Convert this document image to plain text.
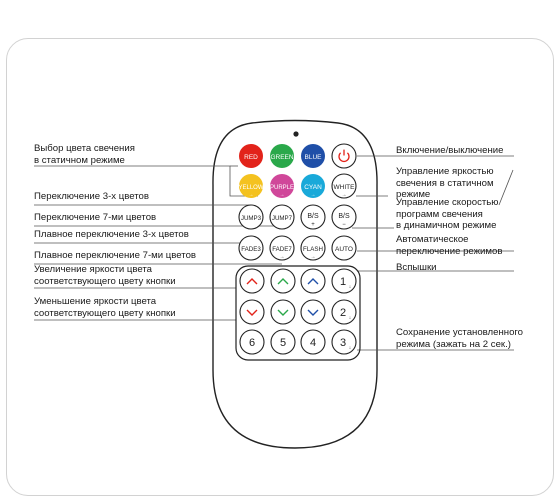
RED GREEN BLUE
YELLOW
→
PURPLE
→
CYAN
→
WHITE
→
JUMP3 JUMP7 B/S
+
B/S
−
FADE3 FADE7
→
FLASH
→
AUTO
1 ↓
2 ↓
6 5 4 3 ↓
Выбор цвета свечения
в статичном режиме
Переключение 3-х цветов
Переключение 7-ми цветов
Плавное переключение 3-х цветов
Плавное переключение 7-ми цветов
Увеличение яркости цвета
соответствующего цвету кнопки
Уменьшение яркости цвета
соответствующего цвету кнопки
Включение/выключение
Управление яркостью
свечения в статичном
режиме
Управление скоростью
программ свечения
в динамичном режиме
Автоматическое
переключение режимов
Вспышки
Сохранение установленного
режима (зажать на 2 сек.)
